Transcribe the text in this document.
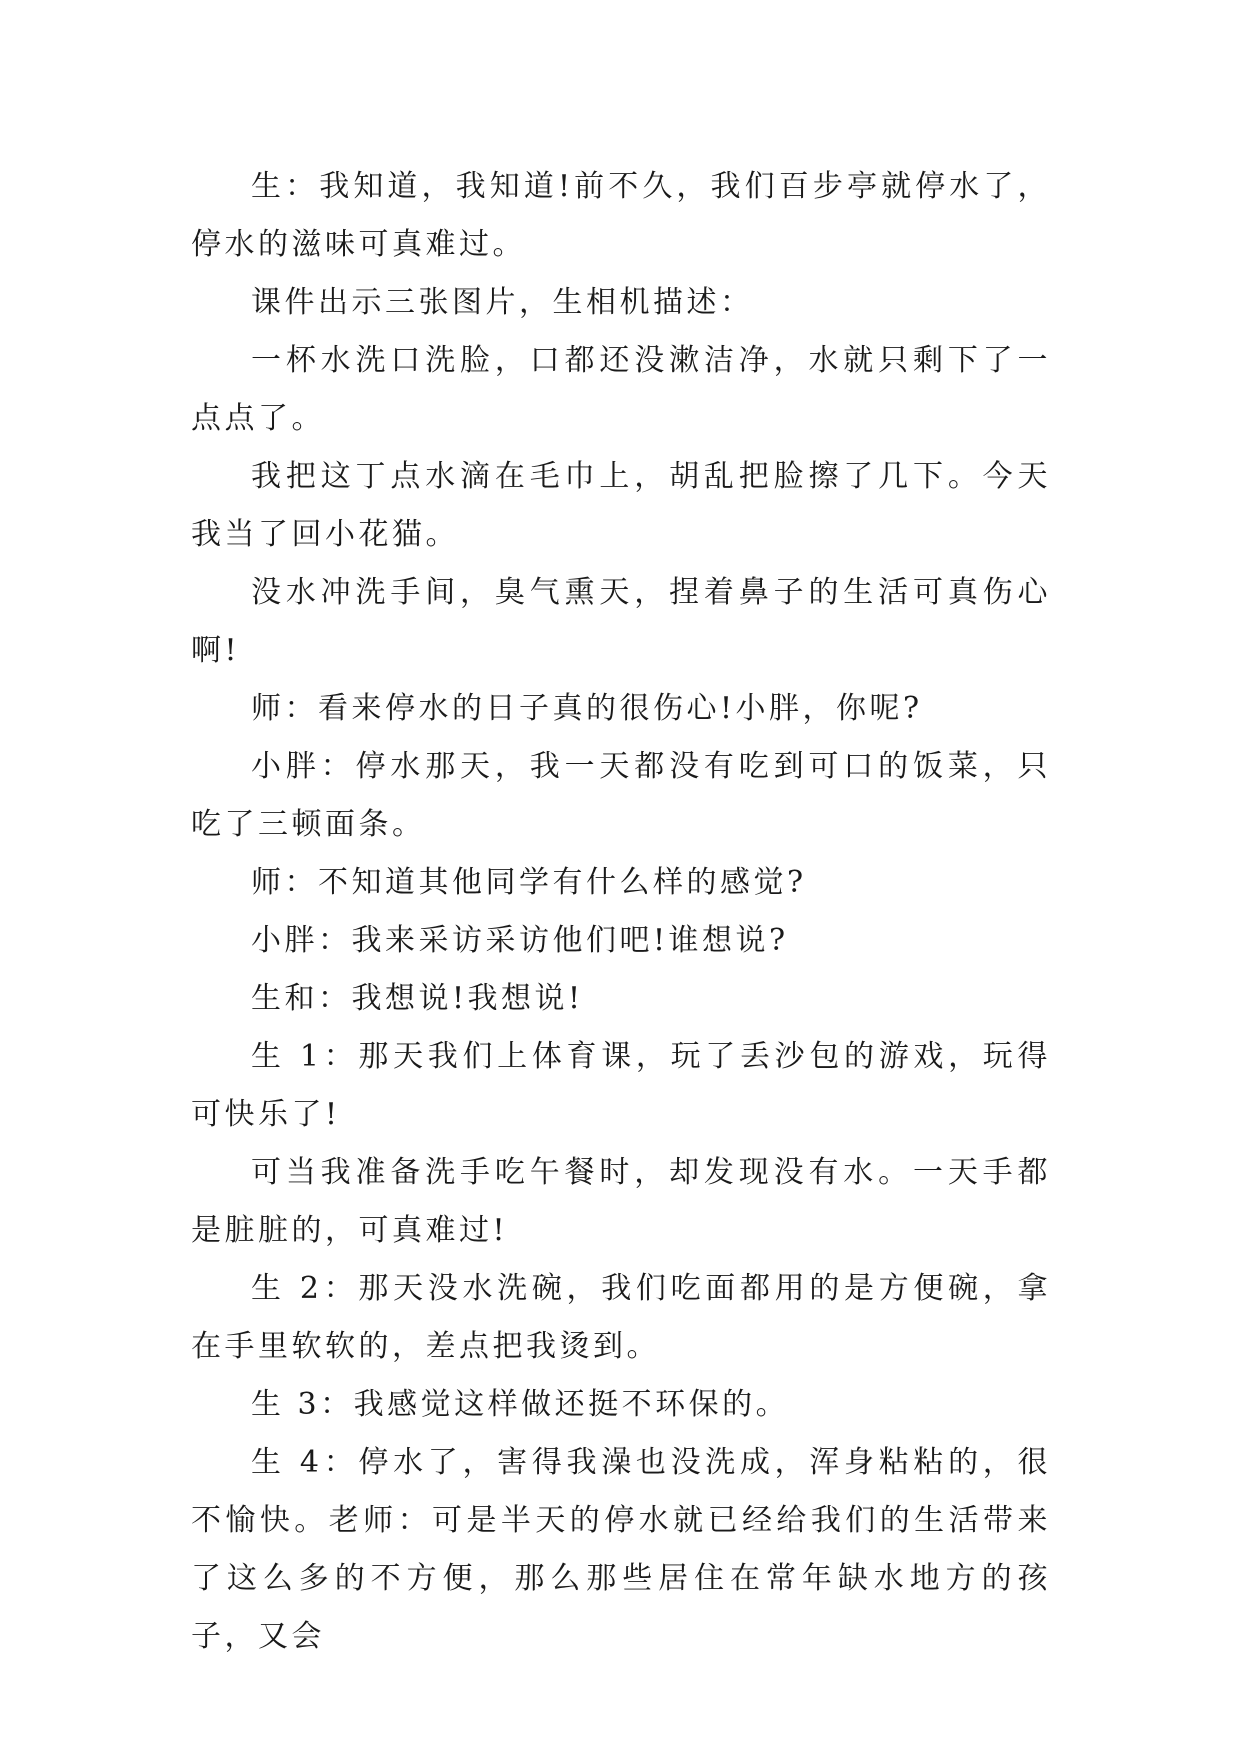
生：我知道，我知道!前不久，我们百步亭就停水了，停水的滋味可真难过。

课件出示三张图片，生相机描述：

一杯水洗口洗脸，口都还没漱洁净，水就只剩下了一点点了。

我把这丁点水滴在毛巾上，胡乱把脸擦了几下。今天我当了回小花猫。

没水冲洗手间，臭气熏天，捏着鼻子的生活可真伤心啊!

师：看来停水的日子真的很伤心!小胖，你呢?

小胖：停水那天，我一天都没有吃到可口的饭菜，只吃了三顿面条。

师：不知道其他同学有什么样的感觉?

小胖：我来采访采访他们吧!谁想说?

生和：我想说!我想说!

生 1：那天我们上体育课，玩了丢沙包的游戏，玩得可快乐了!

可当我准备洗手吃午餐时，却发现没有水。一天手都是脏脏的，可真难过!

生 2：那天没水洗碗，我们吃面都用的是方便碗，拿在手里软软的，差点把我烫到。

生 3：我感觉这样做还挺不环保的。

生 4：停水了，害得我澡也没洗成，浑身粘粘的，很不愉快。老师：可是半天的停水就已经给我们的生活带来了这么多的不方便，那么那些居住在常年缺水地方的孩子，又会
